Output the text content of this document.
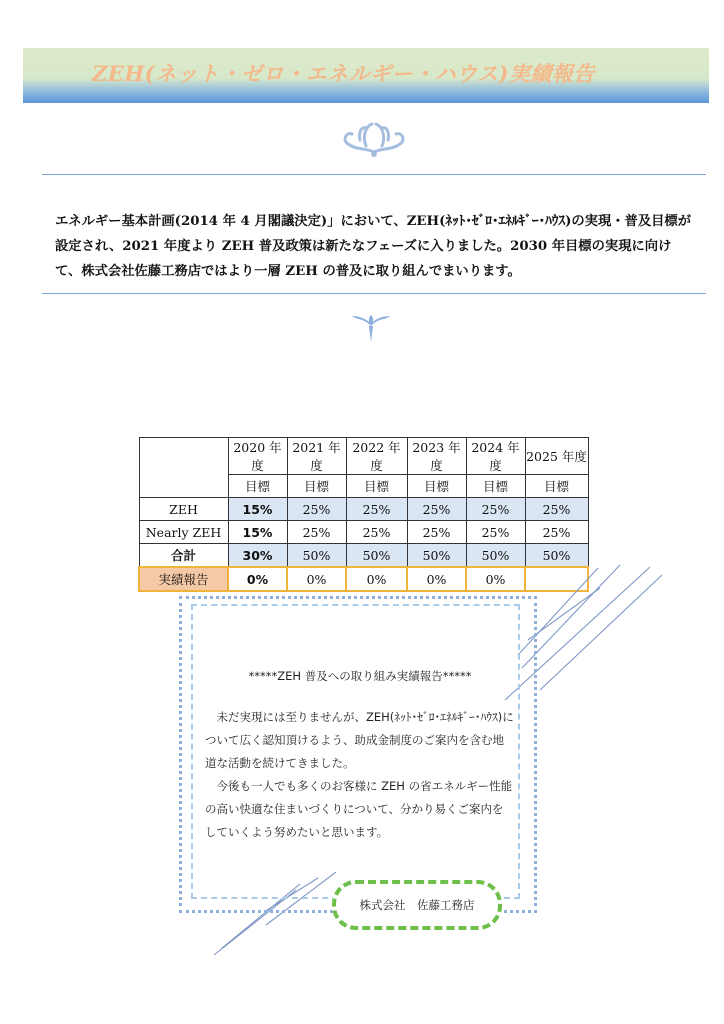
ZEH(ネット・ゼロ・エネルギー・ハウス)実績報告
エネルギー基本計画(2014 年 4 月閣議決定)」において、ZEH(ﾈｯﾄ･ｾﾞﾛ･ｴﾈﾙｷﾞｰ･ﾊｳｽ)の実現・普及目標が設定され、2021 年度より ZEH 普及政策は新たなフェーズに入りました。2030 年目標の実現に向けて、株式会社佐藤工務店ではより一層 ZEH の普及に取り組んでまいります。
	2020 年度	2021 年度	2022 年度	2023 年度	2024 年度	2025 年度
	目標	目標	目標	目標	目標	目標
ZEH	15%	25%	25%	25%	25%	25%
Nearly ZEH	15%	25%	25%	25%	25%	25%
合計	30%	50%	50%	50%	50%	50%
実績報告	0%	0%	0%	0%	0%	
*****ZEH 普及への取り組み実績報告*****

未だ実現には至りませんが、ZEH(ﾈｯﾄ･ｾﾞﾛ･ｴﾈﾙｷﾞｰ･ﾊｳｽ)について広く認知頂けるよう、助成金制度のご案内を含む地道な活動を続けてきました。

今後も一人でも多くのお客様に ZEH の省エネルギー性能の高い快適な住まいづくりについて、分かり易くご案内をしていくよう努めたいと思います。

株式会社　佐藤工務店
